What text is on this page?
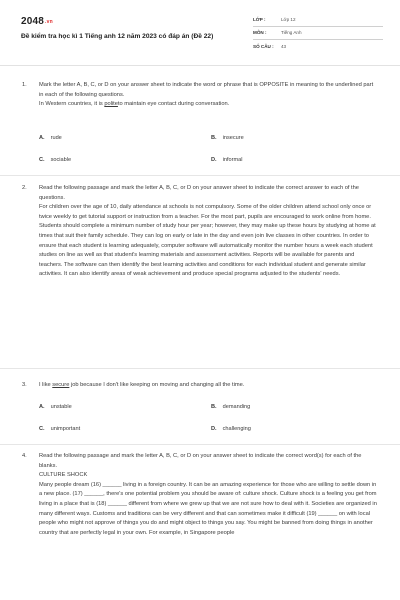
2048.vn
Đề kiểm tra học kì 1 Tiếng anh 12 năm 2023 có đáp án (Đề 22)
LỚP :	Lớp 12
MÔN :	Tiếng Anh
SỐ CÂU : 43
1. Mark the letter A, B, C, or D on your answer sheet to indicate the word or phrase that is OPPOSITE in meaning to the underlined part in each of the following questions.

In Western countries, it is politeto maintain eye contact during conversation.

A. rude	B. insecure
C. sociable	D. informal
2. Read the following passage and mark the letter A, B, C, or D on your answer sheet to indicate the correct answer to each of the questions.

For children over the age of 10, daily attendance at schools is not compulsory. Some of the older children attend school only once or twice weekly to get tutorial support or instruction from a teacher. For the most part, pupils are encouraged to work online from home. Students should complete a minimum number of study hour per year; however, they may make up these hours by studying at home at times that suit their family schedule. They can log on early or late in the day and even join live classes in other countries. In order to ensure that each student is learning adequately, computer software will automatically monitor the number hours a week each student studies on line as well as that student's learning materials and assessment activities. Reports will be available for parents and teachers. The software can then identify the best learning activities and conditions for each individual student and generate similar activities. It can also identify areas of weak achievement and produce special programs adjusted to the students' needs.

3. I like secure job because I don't like keeping on moving and changing all the time.

A. unstable	B. demanding
C. unimportant	D. challenging
4. Read the following passage and mark the letter A, B, C, or D on your answer sheet to indicate the correct word(s) for each of the blanks.

CULTURE SHOCK

Many people dream (16) ______ living in a foreign country. It can be an amazing experience for those who are willing to settle down in a new place. (17) ______, there's one potential problem you should be aware of: culture shock. Culture shock is a feeling you get from living in a place that is (18) ______ different from where we grew up that we are not sure how to deal with it. Societies are organized in many different ways. Customs and traditions can be very different and that can sometimes make it difficult (19) ______ on with local people who might not approve of things you do and might object to things you say. You might be banned from doing things in another country that are perfectly legal in your own. For example, in Singapore people
